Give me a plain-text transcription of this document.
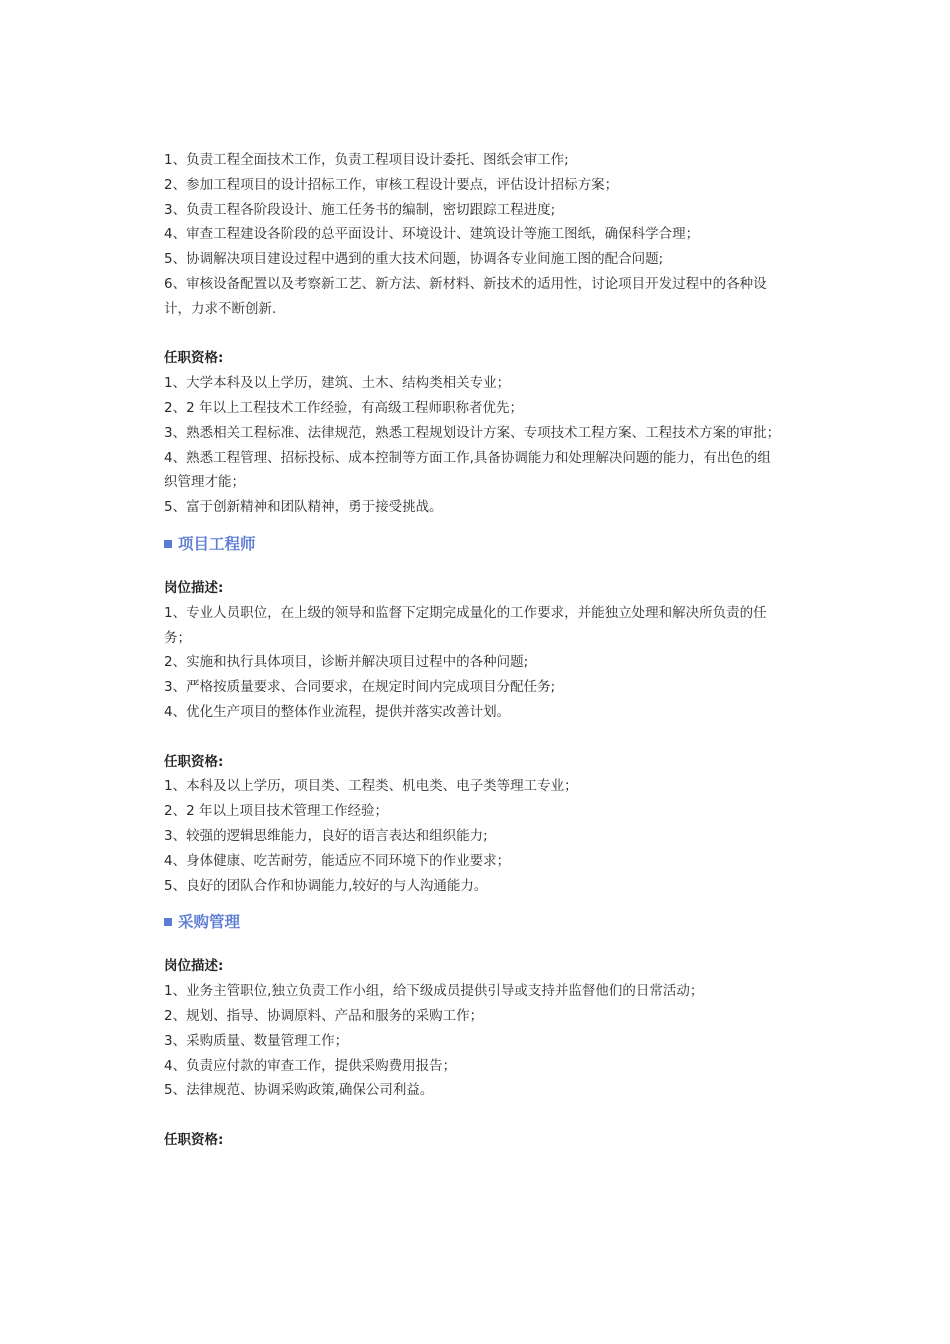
1、负责工程全面技术工作，负责工程项目设计委托、图纸会审工作;

2、参加工程项目的设计招标工作，审核工程设计要点，评估设计招标方案；

3、负责工程各阶段设计、施工任务书的编制，密切跟踪工程进度;

4、审查工程建设各阶段的总平面设计、环境设计、建筑设计等施工图纸，确保科学合理；

5、协调解决项目建设过程中遇到的重大技术问题，协调各专业间施工图的配合问题;

6、审核设备配置以及考察新工艺、新方法、新材料、新技术的适用性，讨论项目开发过程中的各种设计，力求不断创新.

任职资格:

1、大学本科及以上学历，建筑、土木、结构类相关专业；

2、2 年以上工程技术工作经验，有高级工程师职称者优先；

3、熟悉相关工程标准、法律规范，熟悉工程规划设计方案、专项技术工程方案、工程技术方案的审批；

4、熟悉工程管理、招标投标、成本控制等方面工作,具备协调能力和处理解决问题的能力，有出色的组织管理才能；

5、富于创新精神和团队精神，勇于接受挑战。

项目工程师

岗位描述:

1、专业人员职位，在上级的领导和监督下定期完成量化的工作要求，并能独立处理和解决所负责的任务；

2、实施和执行具体项目，诊断并解决项目过程中的各种问题;

3、严格按质量要求、合同要求，在规定时间内完成项目分配任务;

4、优化生产项目的整体作业流程，提供并落实改善计划。

任职资格:

1、本科及以上学历，项目类、工程类、机电类、电子类等理工专业；

2、2 年以上项目技术管理工作经验；

3、较强的逻辑思维能力，良好的语言表达和组织能力;

4、身体健康、吃苦耐劳，能适应不同环境下的作业要求；

5、良好的团队合作和协调能力,较好的与人沟通能力。

采购管理

岗位描述:

1、业务主管职位,独立负责工作小组，给下级成员提供引导或支持并监督他们的日常活动；

2、规划、指导、协调原料、产品和服务的采购工作；

3、采购质量、数量管理工作；

4、负责应付款的审查工作，提供采购费用报告；

5、法律规范、协调采购政策,确保公司利益。

任职资格:
